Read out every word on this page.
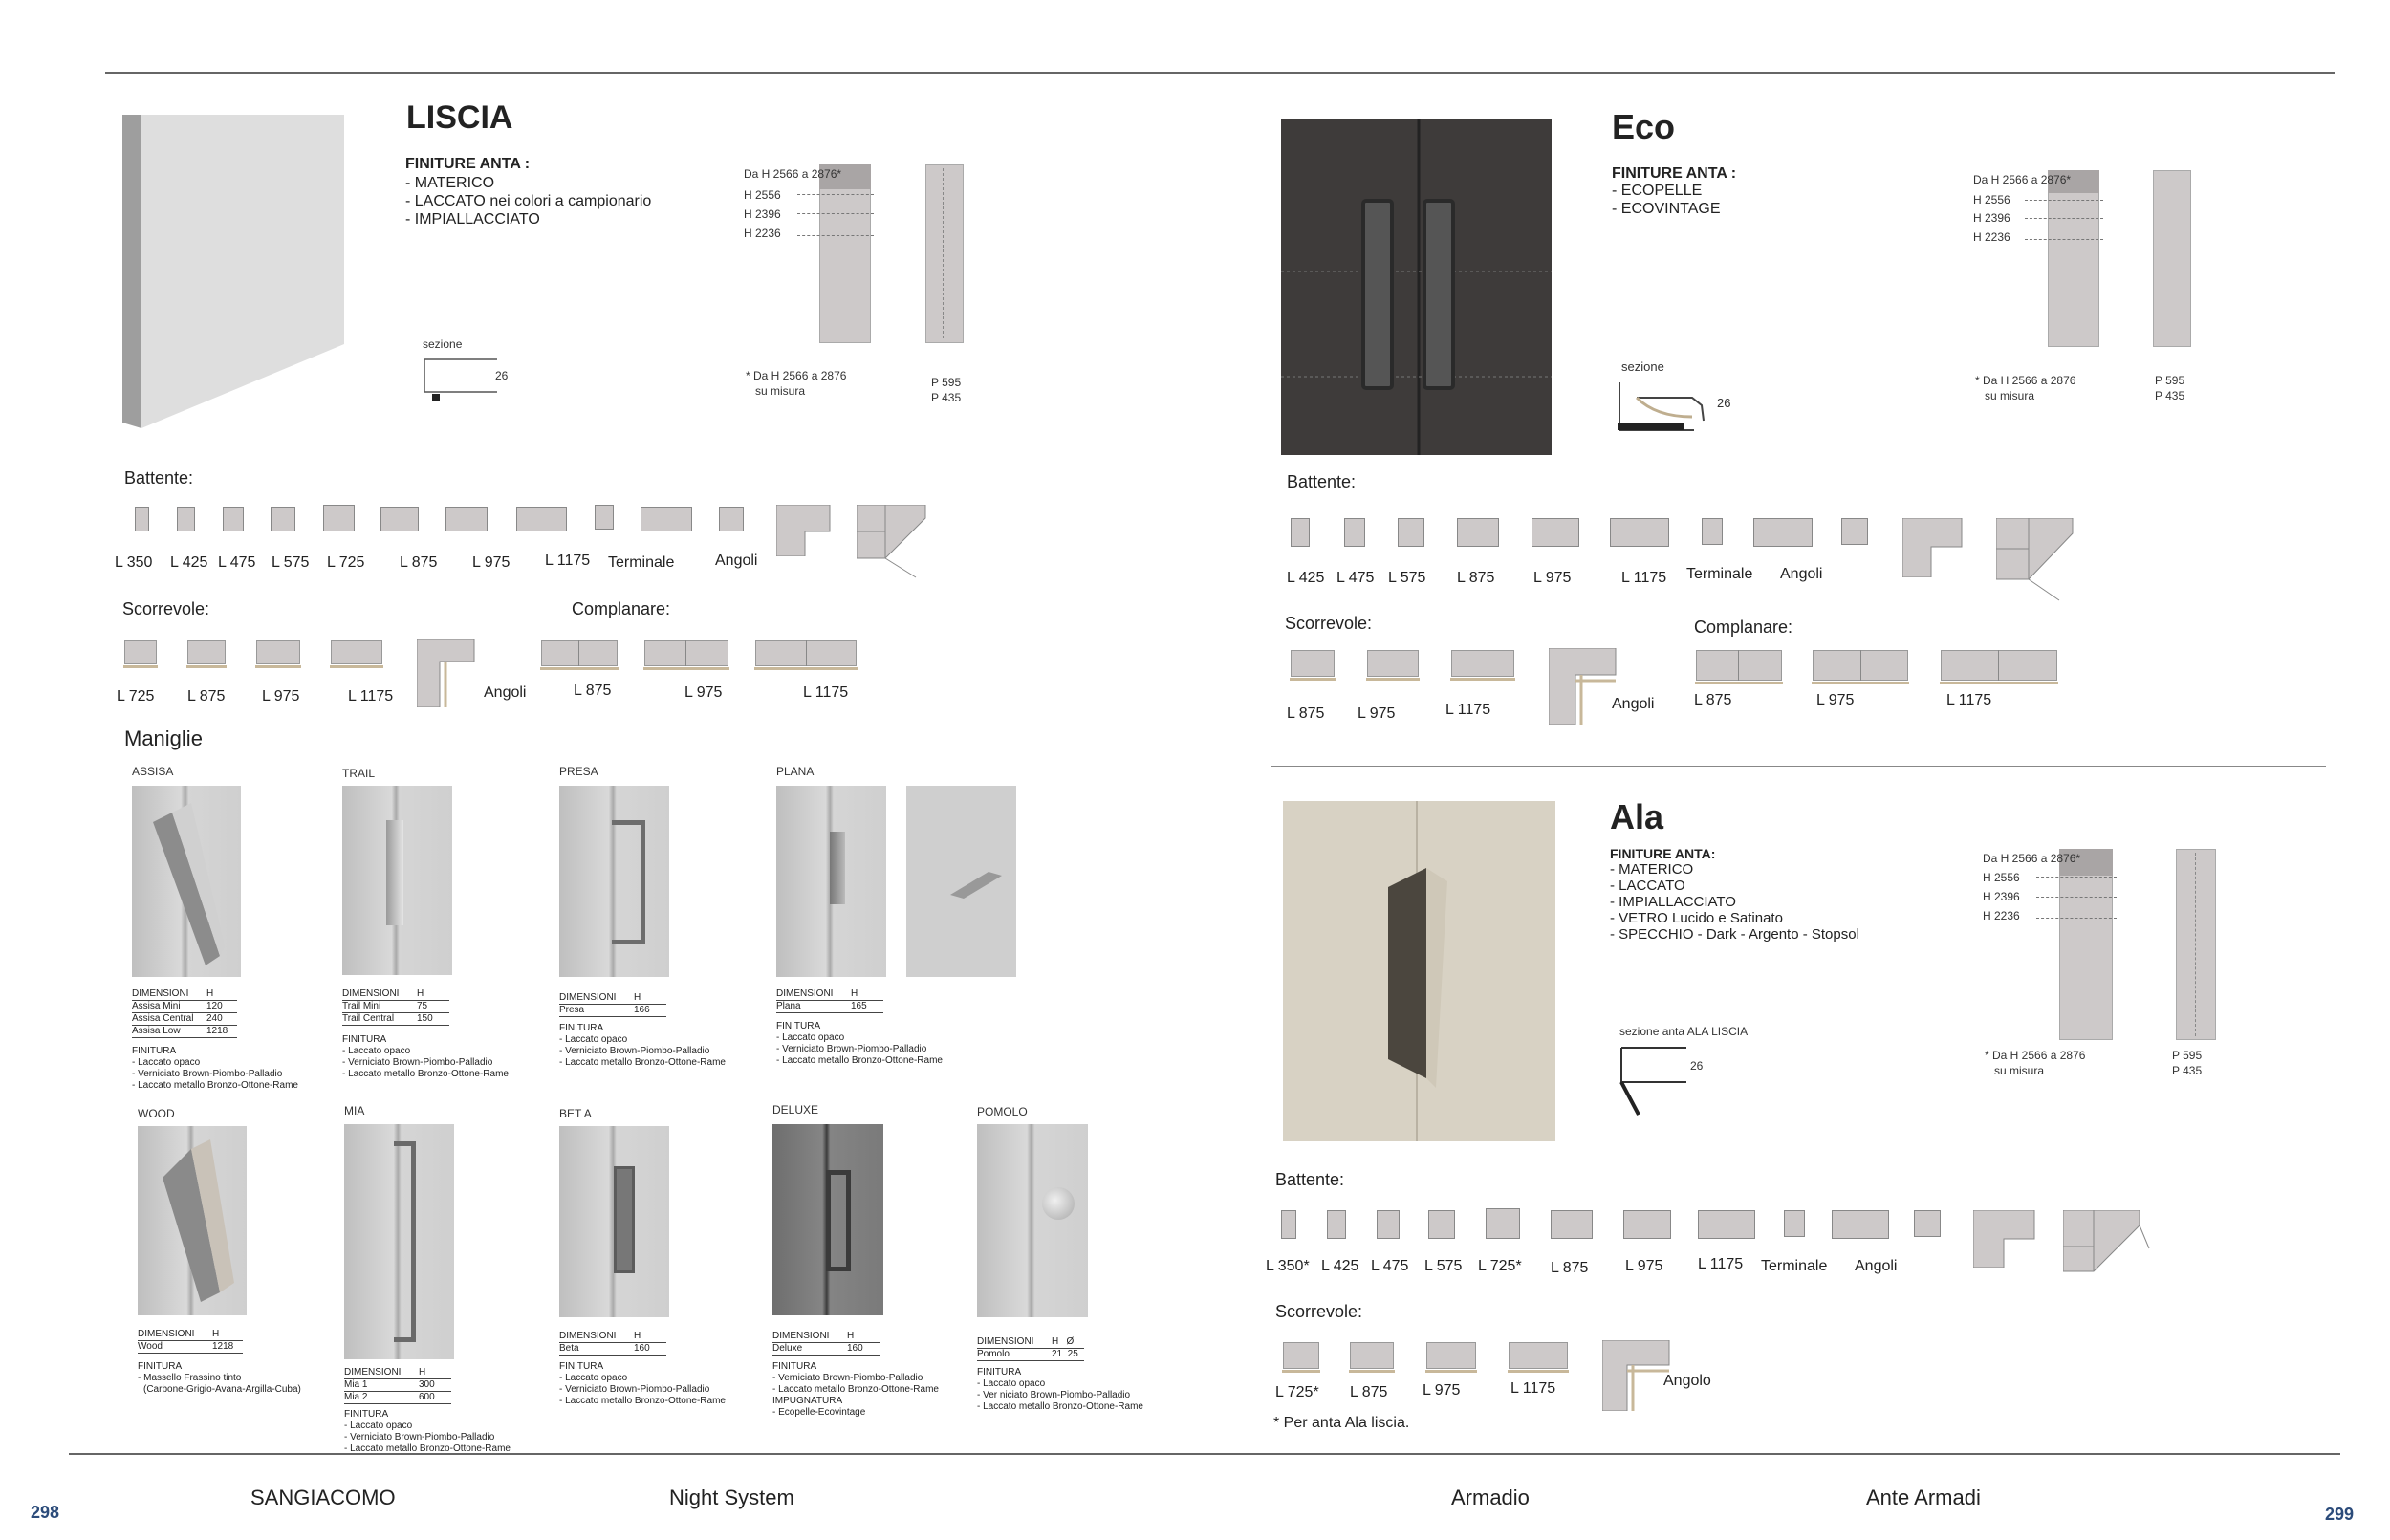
LISCIA
FINITURE ANTA :
- MATERICO
- LACCATO nei colori a campionario
- IMPIALLACCIATO
Da H 2566 a 2876*
H 2556
H 2396
H 2236
* Da H 2566 a 2876
su misura
P 595
P 435
sezione
26
Battente:
L 350 L 425 L 475 L 575 L 725 L 875 L 975 L 1175 Terminale	Angoli
Scorrevole:
L 725 L 875 L 975	L 1175	Angoli
Complanare:
L 875	L 975	L 1175
Maniglie
ASSISA	TRAIL	PRESA	PLANA
DIMENSIONI	H
Assisa Mini	120
Assisa Central	240
Assisa Low	1218
FINITURA
- Laccato opaco
- Verniciato Brown-Piombo-Palladio
- Laccato metallo Bronzo-Ottone-Rame
DIMENSIONI	H
Trail Mini	75
Trail Central	150
FINITURA
- Laccato opaco
- Verniciato Brown-Piombo-Palladio
- Laccato metallo Bronzo-Ottone-Rame
DIMENSIONI	H
Presa	166
FINITURA
- Laccato opaco
- Verniciato Brown-Piombo-Palladio
- Laccato metallo Bronzo-Ottone-Rame
DIMENSIONI	H
Plana	165
FINITURA
- Laccato opaco
- Verniciato Brown-Piombo-Palladio
- Laccato metallo Bronzo-Ottone-Rame
WOOD	MIA	BET A	DELUXE	POMOLO
DIMENSIONI	H
Wood	1218
FINITURA
- Massello Frassino tinto
(Carbone-Grigio-Avana-Argilla-Cuba)
DIMENSIONI	H
Mia 1	300
Mia 2	600
FINITURA
- Laccato opaco
- Verniciato Brown-Piombo-Palladio
- Laccato metallo Bronzo-Ottone-Rame
DIMENSIONI	H
Beta	160
FINITURA
- Laccato opaco
- Verniciato Brown-Piombo-Palladio
- Laccato metallo Bronzo-Ottone-Rame
DIMENSIONI	H
Deluxe	160
FINITURA
- Verniciato Brown-Piombo-Palladio
- Laccato metallo Bronzo-Ottone-Rame
IMPUGNATURA
- Ecopelle-Ecovintage
DIMENSIONI	H   Ø
Pomolo	21  25
FINITURA
- Laccato opaco
- Ver niciato Brown-Piombo-Palladio
- Laccato metallo Bronzo-Ottone-Rame
Eco
FINITURE ANTA :
- ECOPELLE
- ECOVINTAGE
Da H 2566 a 2876*
H 2556
H 2396
H 2236
* Da H 2566 a 2876
su misura
P 595
P 435
sezione
26
Battente:
L 425 L 475 L 575 L 875	L 975	L 1175 Terminale Angoli
Scorrevole:
L 875 L 975	L 1175	Angoli
Complanare:
L 875	L 975	L 1175
Ala
FINITURE ANTA:
- MATERICO
- LACCATO
- IMPIALLACCIATO
- VETRO Lucido e Satinato
- SPECCHIO - Dark - Argento - Stopsol
Da H 2566 a 2876*
H 2556
H 2396
H 2236
* Da H 2566 a 2876
su misura
P 595
P 435
sezione anta ALA LISCIA
26
Battente:
L 350* L 425 L 475 L 575 L 725* L 875 L 975 L 1175 Terminale Angoli
Scorrevole:
L 725* L 875 L 975	L 1175	Angolo
* Per anta Ala liscia.
298
SANGIACOMO	Night System	Armadio	Ante Armadi
299
